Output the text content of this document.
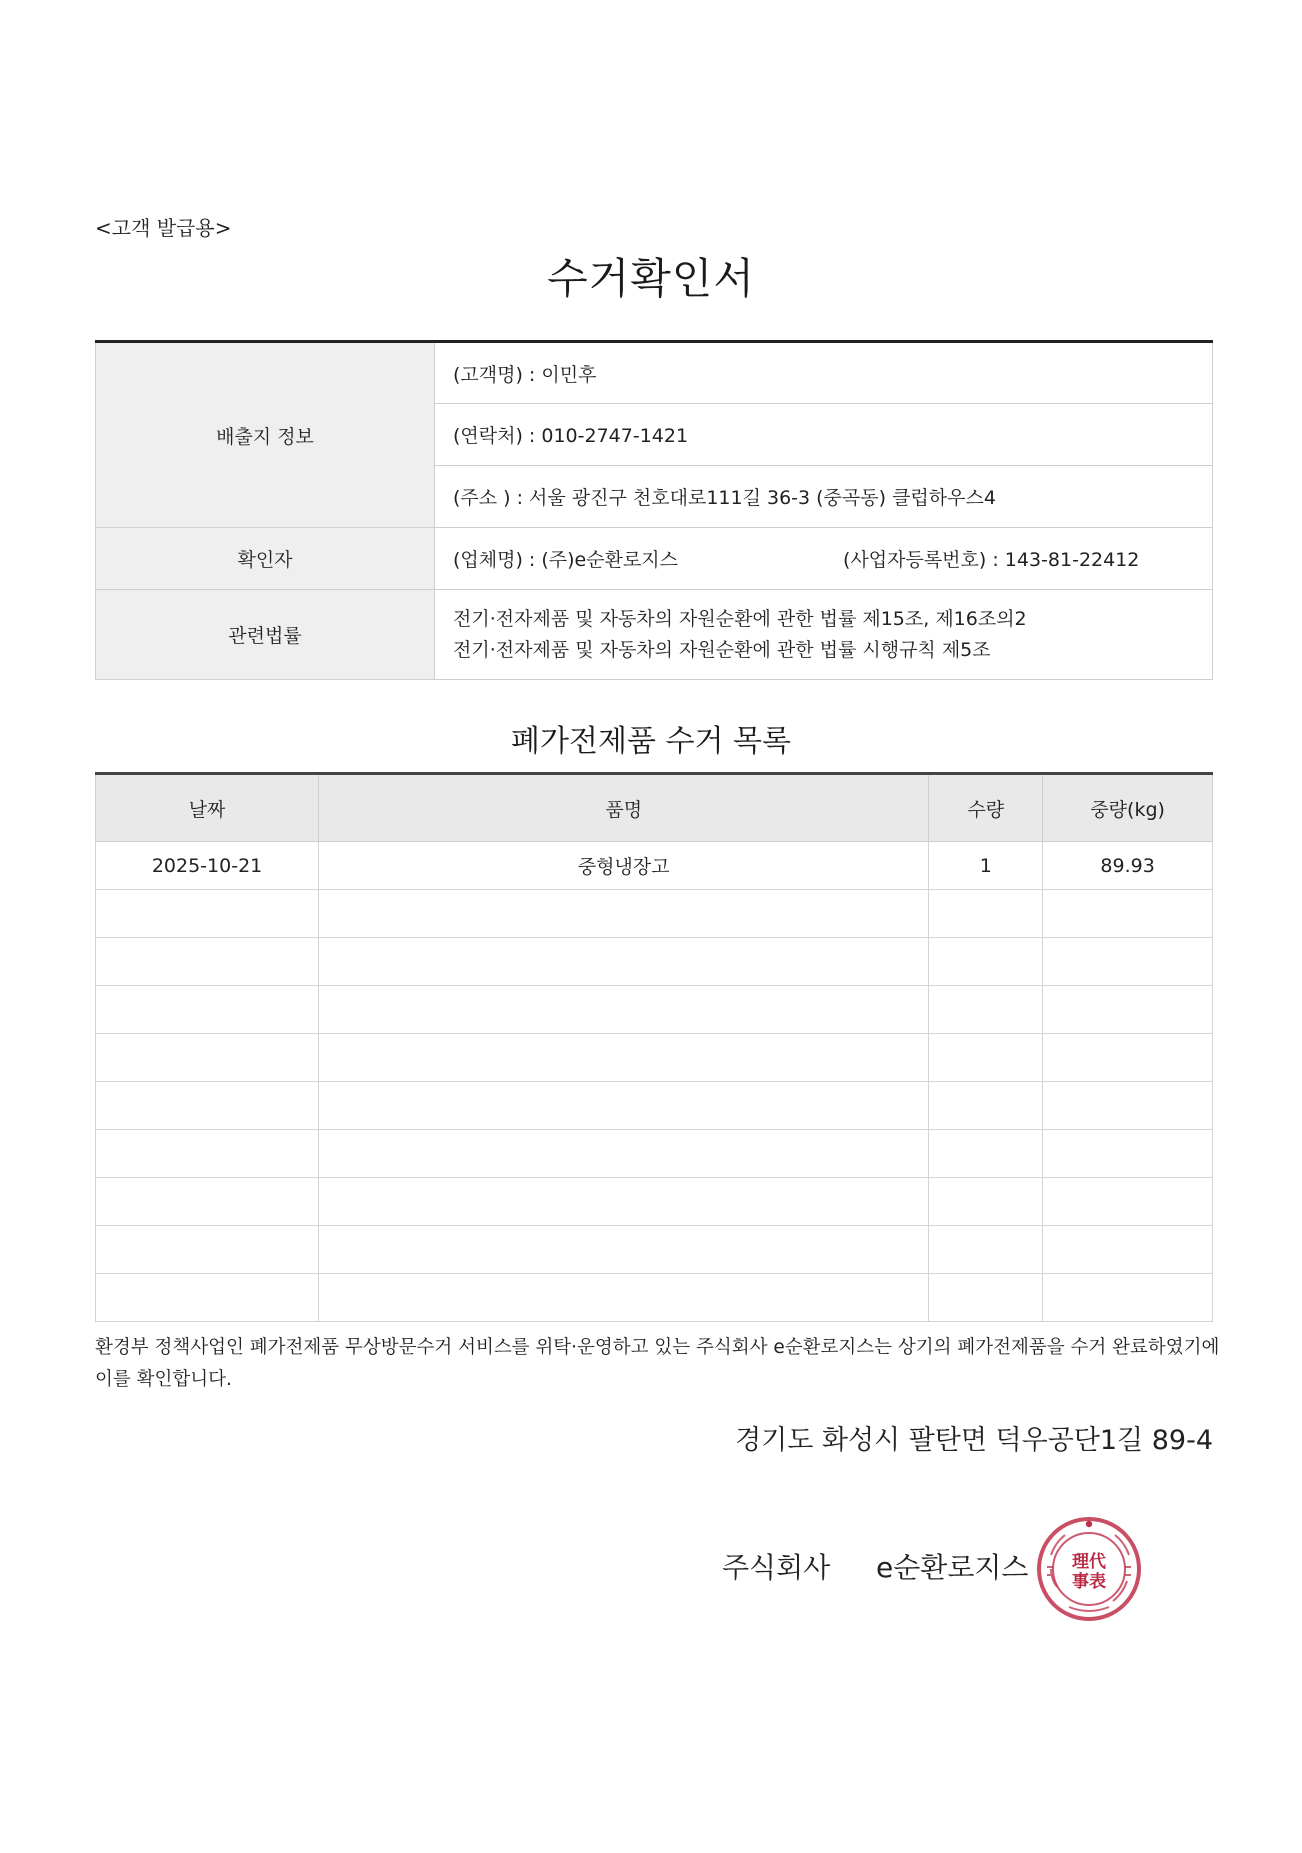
<고객 발급용>
수거확인서
배출지 정보	(고객명) : 이민후
	(연락처) : 010-2747-1421
	(주소 ) : 서울 광진구 천호대로111길 36-3 (중곡동) 클럽하우스4
확인자	(업체명) : (주)e순환로지스 (사업자등록번호) : 143-81-22412
관련법률	전기·전자제품 및 자동차의 자원순환에 관한 법률 제15조, 제16조의2
전기·전자제품 및 자동차의 자원순환에 관한 법률 시행규칙 제5조
폐가전제품 수거 목록
날짜	품명	수량	중량(kg)
2025-10-21	중형냉장고	1	89.93

환경부 정책사업인 폐가전제품 무상방문수거 서비스를 위탁·운영하고 있는 주식회사 e순환로지스는 상기의 폐가전제품을 수거 완료하였기에 이를 확인합니다.
경기도 화성시 팔탄면 덕우공단1길 89-4
주식회사 e순환로지스	理代
事表
